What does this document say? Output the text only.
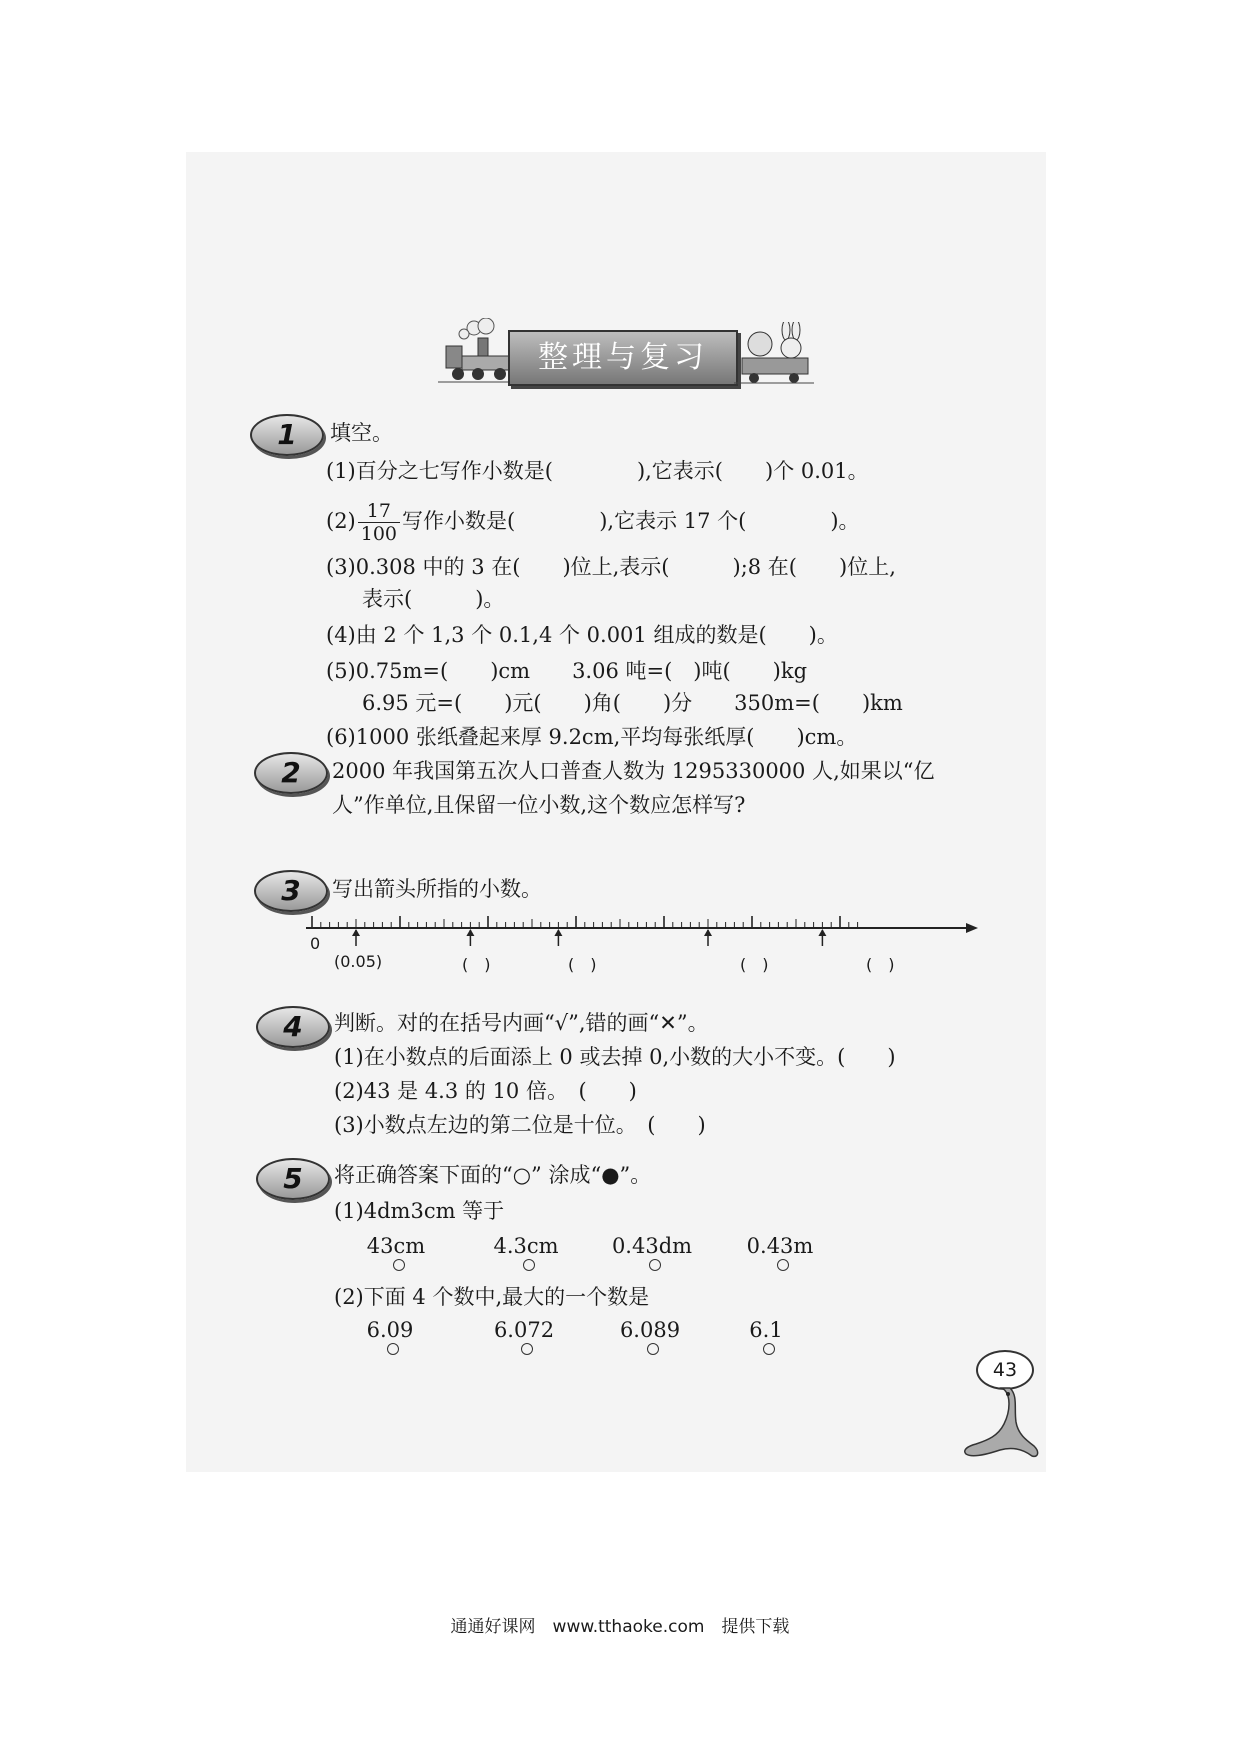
整理与复习
1	填空。
(1)百分之七写作小数是(　　　　),它表示(　　)个 0.01。
$(2) \frac{17}{100}$ 写作小数是(　　　　),它表示 17 个(　　　　)。
(3)0.308 中的 3 在(　　)位上,表示(　　　);8 在(　　)位上,
表示(　　　)。
(4)由 2 个 1,3 个 0.1,4 个 0.001 组成的数是(　　)。
(5)0.75m=(　　)cm　　3.06 吨=(　)吨(　　)kg
6.95 元=(　　)元(　　)角(　　)分　　350m=(　　)km
(6)1000 张纸叠起来厚 9.2cm,平均每张纸厚(　　)cm。
2	2000 年我国第五次人口普查人数为 1295330000 人,如果以“亿
人”作单位,且保留一位小数,这个数应怎样写?
3	写出箭头所指的小数。
0
(0.05)	(　)	(　)	(　)	(　)
4	判断。对的在括号内画“√”,错的画“✕”。
(1)在小数点的后面添上 0 或去掉 0,小数的大小不变。(　　)
(2)43 是 4.3 的 10 倍。　(　　)
(3)小数点左边的第二位是十位。　(　　)
5	将正确答案下面的“○” 涂成“●”。
(1)4dm3cm 等于
43cm	4.3cm	0.43dm	0.43m
(2)下面 4 个数中,最大的一个数是
6.09	6.072	6.089	6.1
43
通通好课网　www.tthaoke.com　提供下载
